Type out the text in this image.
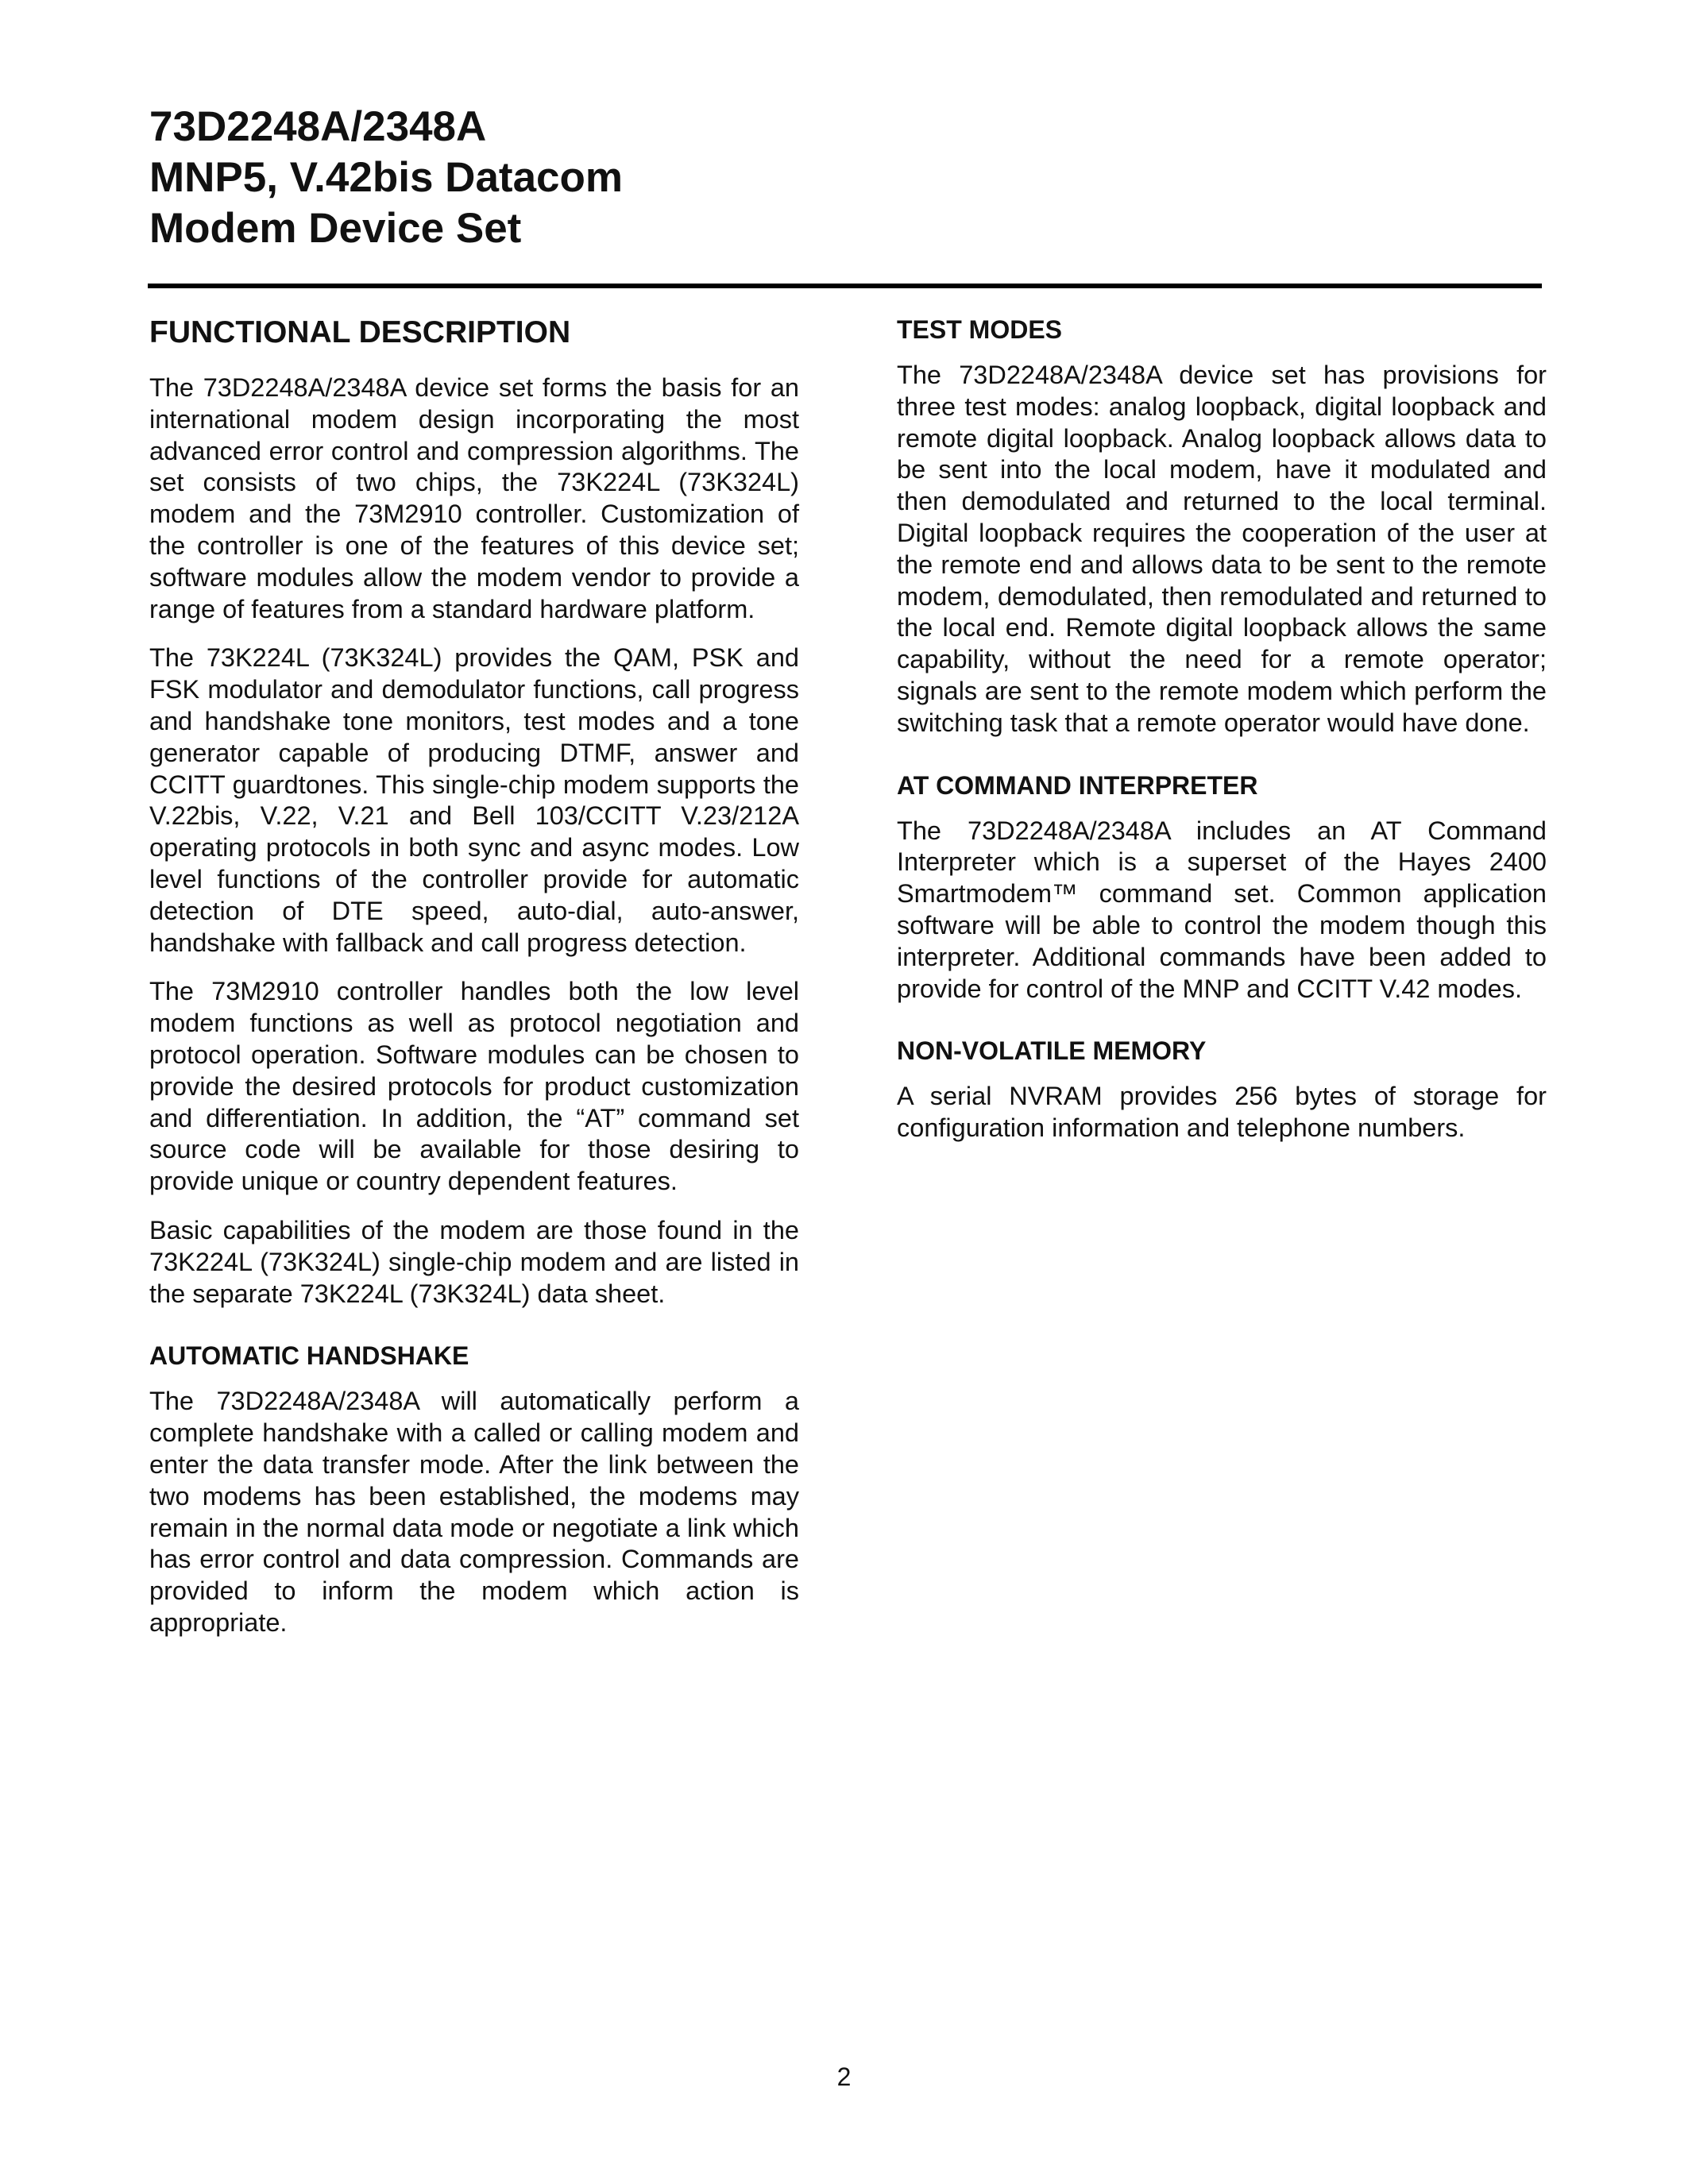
73D2248A/2348A
MNP5, V.42bis Datacom
Modem Device Set
FUNCTIONAL DESCRIPTION

The 73D2248A/2348A device set forms the basis for an international modem design incorporating the most advanced error control and compression algorithms. The set consists of two chips, the 73K224L (73K324L) modem and the 73M2910 controller. Customization of the controller is one of the features of this device set; software modules allow the modem vendor to provide a range of features from a standard hardware platform.

The 73K224L (73K324L) provides the QAM, PSK and FSK modulator and demodulator functions, call progress and handshake tone monitors, test modes and a tone generator capable of producing DTMF, answer and CCITT guardtones. This single-chip modem supports the V.22bis, V.22, V.21 and Bell 103/CCITT V.23/212A operating protocols in both sync and async modes. Low level functions of the controller provide for automatic detection of DTE speed, auto-dial, auto-answer, handshake with fallback and call progress detection.

The 73M2910 controller handles both the low level modem functions as well as protocol negotiation and protocol operation. Software modules can be chosen to provide the desired protocols for product customization and differentiation. In addition, the “AT” command set source code will be available for those desiring to provide unique or country dependent features.

Basic capabilities of the modem are those found in the 73K224L (73K324L) single-chip modem and are listed in the separate 73K224L (73K324L) data sheet.

AUTOMATIC HANDSHAKE

The 73D2248A/2348A will automatically perform a complete handshake with a called or calling modem and enter the data transfer mode. After the link between the two modems has been established, the modems may remain in the normal data mode or negotiate a link which has error control and data compression. Commands are provided to inform the modem which action is appropriate.

TEST MODES

The 73D2248A/2348A device set has provisions for three test modes: analog loopback, digital loopback and remote digital loopback. Analog loopback allows data to be sent into the local modem, have it modulated and then demodulated and returned to the local terminal. Digital loopback requires the cooperation of the user at the remote end and allows data to be sent to the remote modem, demodulated, then remodulated and returned to the local end. Remote digital loopback allows the same capability, without the need for a remote operator; signals are sent to the remote modem which perform the switching task that a remote operator would have done.

AT COMMAND INTERPRETER

The 73D2248A/2348A includes an AT Command Interpreter which is a superset of the Hayes 2400 Smartmodem™ command set. Common application software will be able to control the modem though this interpreter. Additional commands have been added to provide for control of the MNP and CCITT V.42 modes.

NON-VOLATILE MEMORY

A serial NVRAM provides 256 bytes of storage for configuration information and telephone numbers.

2
